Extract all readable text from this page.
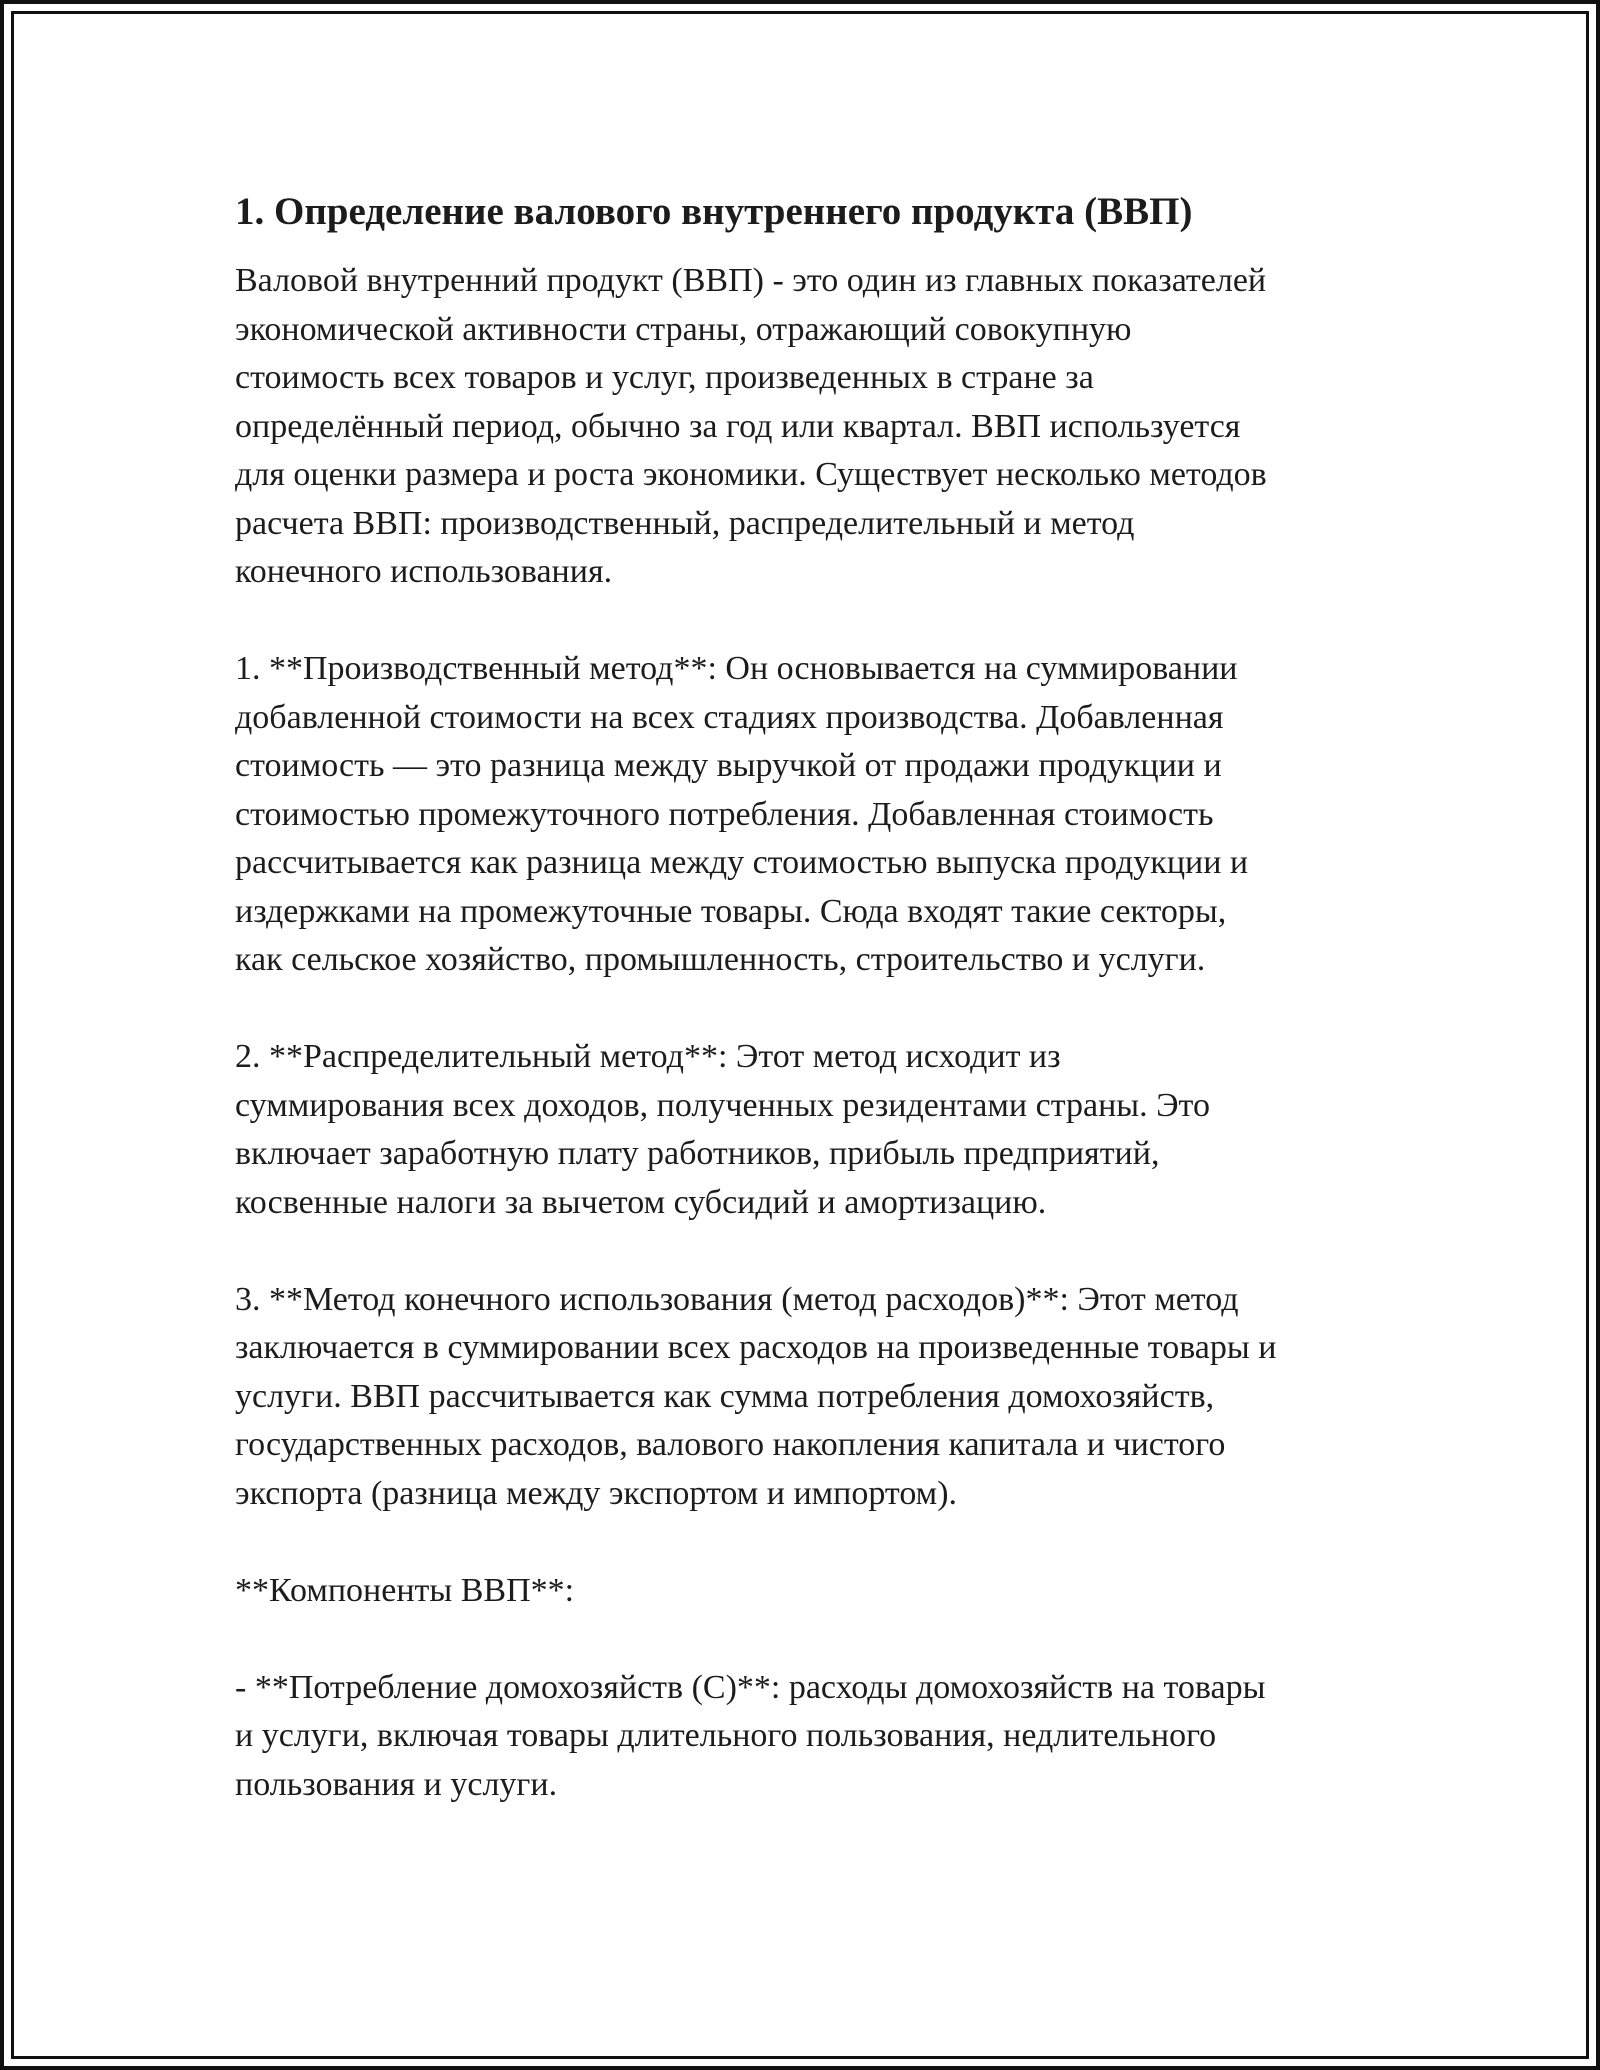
1. Определение валового внутреннего продукта (ВВП)
Валовой внутренний продукт (ВВП) - это один из главных показателей
экономической активности страны, отражающий совокупную
стоимость всех товаров и услуг, произведенных в стране за
определённый период, обычно за год или квартал. ВВП используется
для оценки размера и роста экономики. Существует несколько методов
расчета ВВП: производственный, распределительный и метод
конечного использования.
1. **Производственный метод**: Он основывается на суммировании
добавленной стоимости на всех стадиях производства. Добавленная
стоимость — это разница между выручкой от продажи продукции и
стоимостью промежуточного потребления. Добавленная стоимость
рассчитывается как разница между стоимостью выпуска продукции и
издержками на промежуточные товары. Сюда входят такие секторы,
как сельское хозяйство, промышленность, строительство и услуги.
2. **Распределительный метод**: Этот метод исходит из
суммирования всех доходов, полученных резидентами страны. Это
включает заработную плату работников, прибыль предприятий,
косвенные налоги за вычетом субсидий и амортизацию.
3. **Метод конечного использования (метод расходов)**: Этот метод
заключается в суммировании всех расходов на произведенные товары и
услуги. ВВП рассчитывается как сумма потребления домохозяйств,
государственных расходов, валового накопления капитала и чистого
экспорта (разница между экспортом и импортом).
**Компоненты ВВП**:
- **Потребление домохозяйств (C)**: расходы домохозяйств на товары
и услуги, включая товары длительного пользования, недлительного
пользования и услуги.
